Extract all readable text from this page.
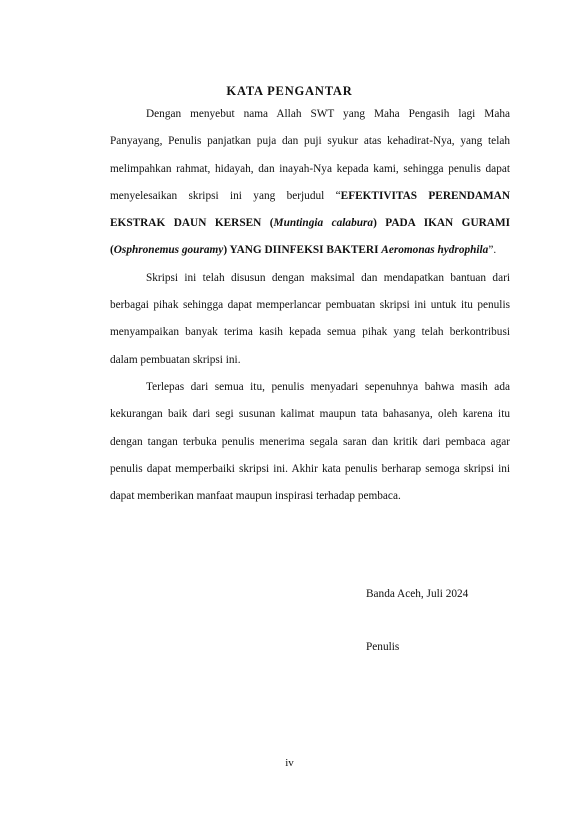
KATA PENGANTAR

Dengan menyebut nama Allah SWT yang Maha Pengasih lagi Maha Panyayang, Penulis panjatkan puja dan puji syukur atas kehadirat-Nya, yang telah melimpahkan rahmat, hidayah, dan inayah-Nya kepada kami, sehingga penulis dapat menyelesaikan skripsi ini yang berjudul “EFEKTIVITAS PERENDAMAN EKSTRAK DAUN KERSEN (Muntingia calabura) PADA IKAN GURAMI (Osphronemus gouramy) YANG DIINFEKSI BAKTERI Aeromonas hydrophila”.

Skripsi ini telah disusun dengan maksimal dan mendapatkan bantuan dari berbagai pihak sehingga dapat memperlancar pembuatan skripsi ini untuk itu penulis menyampaikan banyak terima kasih kepada semua pihak yang telah berkontribusi dalam pembuatan skripsi ini.

Terlepas dari semua itu, penulis menyadari sepenuhnya bahwa masih ada kekurangan baik dari segi susunan kalimat maupun tata bahasanya, oleh karena itu dengan tangan terbuka penulis menerima segala saran dan kritik dari pembaca agar penulis dapat memperbaiki skripsi ini. Akhir kata penulis berharap semoga skripsi ini dapat memberikan manfaat maupun inspirasi terhadap pembaca.

Banda Aceh, Juli 2024
Penulis
iv
